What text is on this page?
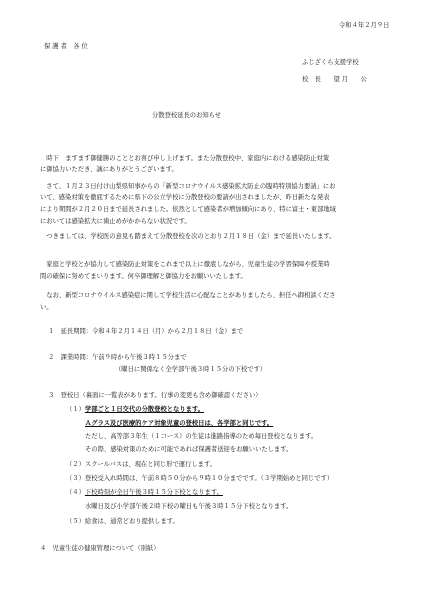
令和４年２月９日
保 護 者　各 位
ふじざくら支援学校
校　長　　望 月　　公
分散登校延長のお知らせ
　時下　ますます御健勝のこととお喜び申し上げます。また分散登校中、家庭内における感染防止対策
に御協力いただき、誠にありがとうございます。
　さて、１月２３日付け山梨県知事からの「新型コロナウイルス感染拡大防止の臨時特別協力要請」にお
いて、感染対策を徹底するために県下の公立学校に分散登校の要請が出されましたが、昨日新たな発表
により期間が２月２０日まで延長されました。依然として感染者が増加傾向にあり、特に富士・東部地域
においては感染拡大に歯止めがかからない状況です。
　つきましては、学校医の意見も踏まえて分散登校を次のとおり２月１８日（金）まで延長いたします。
　家庭と学校とが協力して感染防止対策をこれまで以上に徹底しながら、児童生徒の学習保障や授業時
間の確保に努めてまいります。何卒御理解と御協力をお願いいたします。
　なお、新型コロナウイルス感染症に関して学校生活に心配なことがありましたら、担任へ御相談くださ
い。
１　延長期間：令和４年２月１４日（月）から２月１８日（金）まで
２　課業時間：午前９時から午後３時１５分まで
（曜日に関係なく全学部午後３時１５分の下校です）
３　登校日（裏面に一覧表があります。行事の変更も含め御確認ください）
（１）学部ごと１日交代の分散登校となります。
Ａグラス及び医療的ケア対象児童の登校日は、各学部と同じです。
ただし、高等部３年生（１コース）の生徒は進路指導のため毎日登校となります。
その際、感染対策のために可能であれば保護者送迎をお願いいたします。
（２）スクールバスは、現在と同じ形で運行します。
（３）登校受入れ時間は、午前８時５０分から９時１０分までです。（３学期始めと同じです）
（４）下校時刻が全日午後３時１５分下校となります。
水曜日及び小学部午後２時下校の曜日も午後３時１５分下校となります。
（５）給食は、通常どおり提供します。
４　児童生徒の健康管理について（別紙）
